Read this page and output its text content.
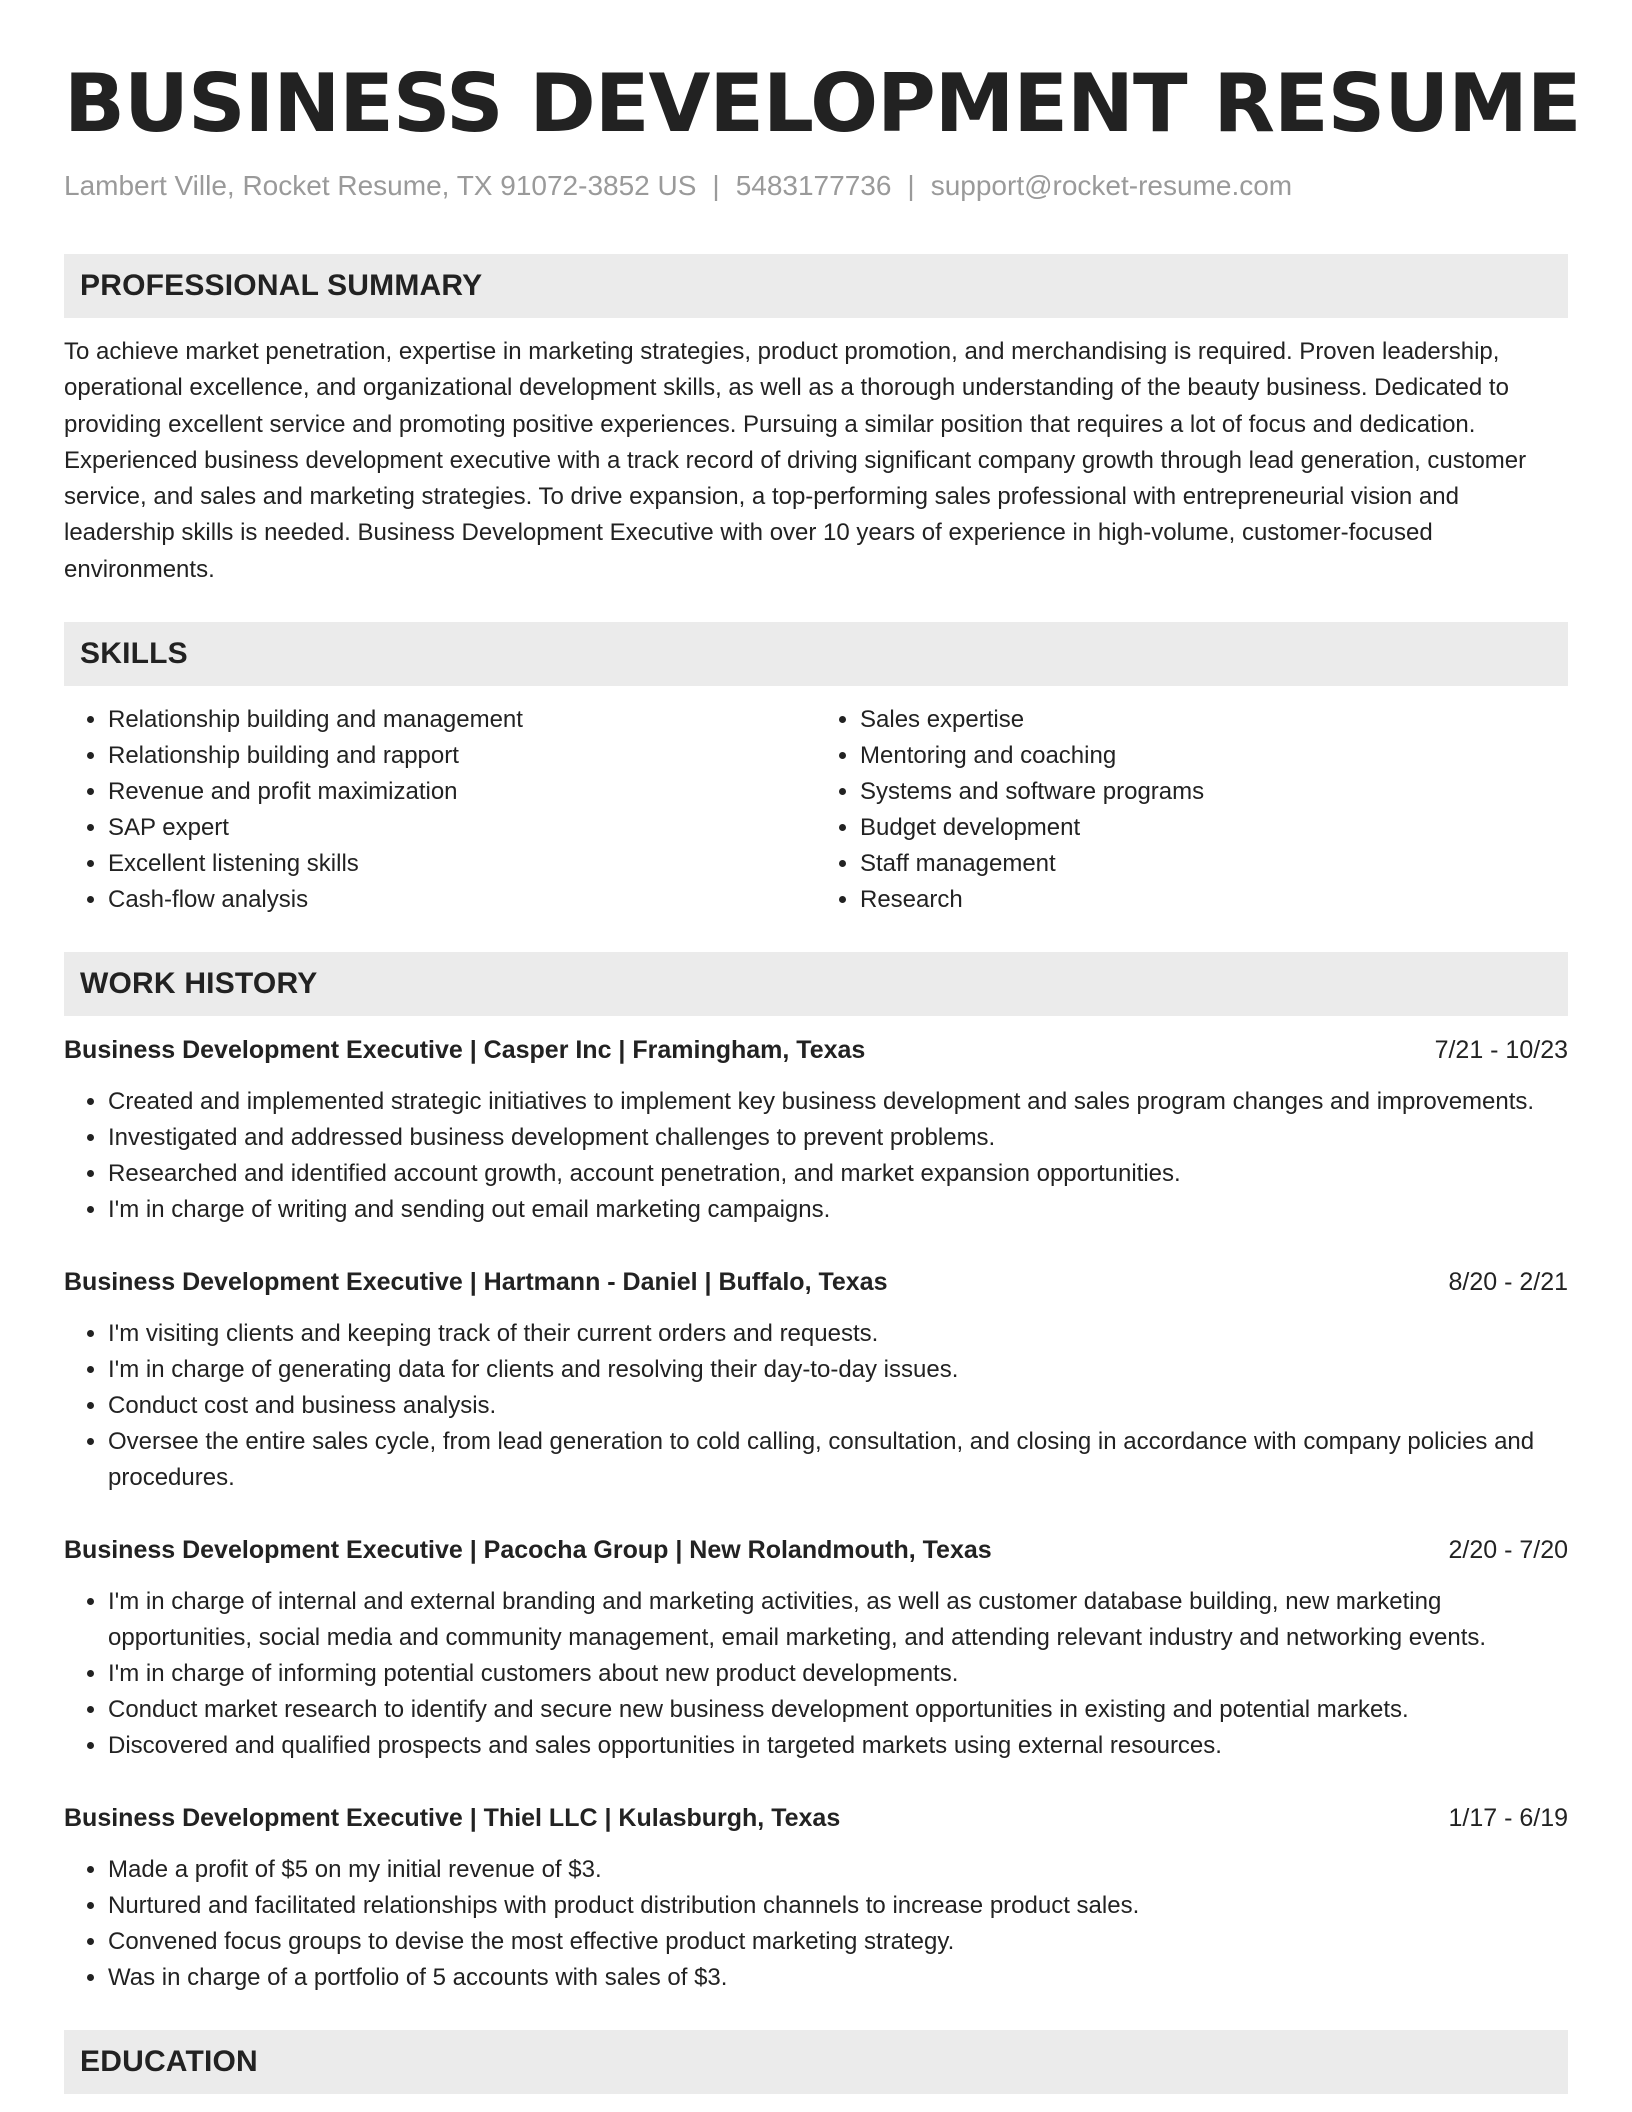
BUSINESS DEVELOPMENT RESUME
Lambert Ville, Rocket Resume, TX 91072-3852 US | 5483177736 | support@rocket-resume.com
PROFESSIONAL SUMMARY

To achieve market penetration, expertise in marketing strategies, product promotion, and merchandising is required. Proven leadership, operational excellence, and organizational development skills, as well as a thorough understanding of the beauty business. Dedicated to providing excellent service and promoting positive experiences. Pursuing a similar position that requires a lot of focus and dedication. Experienced business development executive with a track record of driving significant company growth through lead generation, customer service, and sales and marketing strategies. To drive expansion, a top-performing sales professional with entrepreneurial vision and leadership skills is needed. Business Development Executive with over 10 years of experience in high-volume, customer-focused environments.

SKILLS
• Relationship building and management
• Relationship building and rapport
• Revenue and profit maximization
• SAP expert
• Excellent listening skills
• Cash-flow analysis
• Sales expertise
• Mentoring and coaching
• Systems and software programs
• Budget development
• Staff management
• Research
WORK HISTORY
Business Development Executive | Casper Inc | Framingham, Texas	7/21 - 10/23
• Created and implemented strategic initiatives to implement key business development and sales program changes and improvements.
• Investigated and addressed business development challenges to prevent problems.
• Researched and identified account growth, account penetration, and market expansion opportunities.
• I'm in charge of writing and sending out email marketing campaigns.
Business Development Executive | Hartmann - Daniel | Buffalo, Texas	8/20 - 2/21
• I'm visiting clients and keeping track of their current orders and requests.
• I'm in charge of generating data for clients and resolving their day-to-day issues.
• Conduct cost and business analysis.
• Oversee the entire sales cycle, from lead generation to cold calling, consultation, and closing in accordance with company policies and procedures.
Business Development Executive | Pacocha Group | New Rolandmouth, Texas	2/20 - 7/20
• I'm in charge of internal and external branding and marketing activities, as well as customer database building, new marketing opportunities, social media and community management, email marketing, and attending relevant industry and networking events.
• I'm in charge of informing potential customers about new product developments.
• Conduct market research to identify and secure new business development opportunities in existing and potential markets.
• Discovered and qualified prospects and sales opportunities in targeted markets using external resources.
Business Development Executive | Thiel LLC | Kulasburgh, Texas	1/17 - 6/19
• Made a profit of $5 on my initial revenue of $3.
• Nurtured and facilitated relationships with product distribution channels to increase product sales.
• Convened focus groups to devise the most effective product marketing strategy.
• Was in charge of a portfolio of 5 accounts with sales of $3.
EDUCATION
